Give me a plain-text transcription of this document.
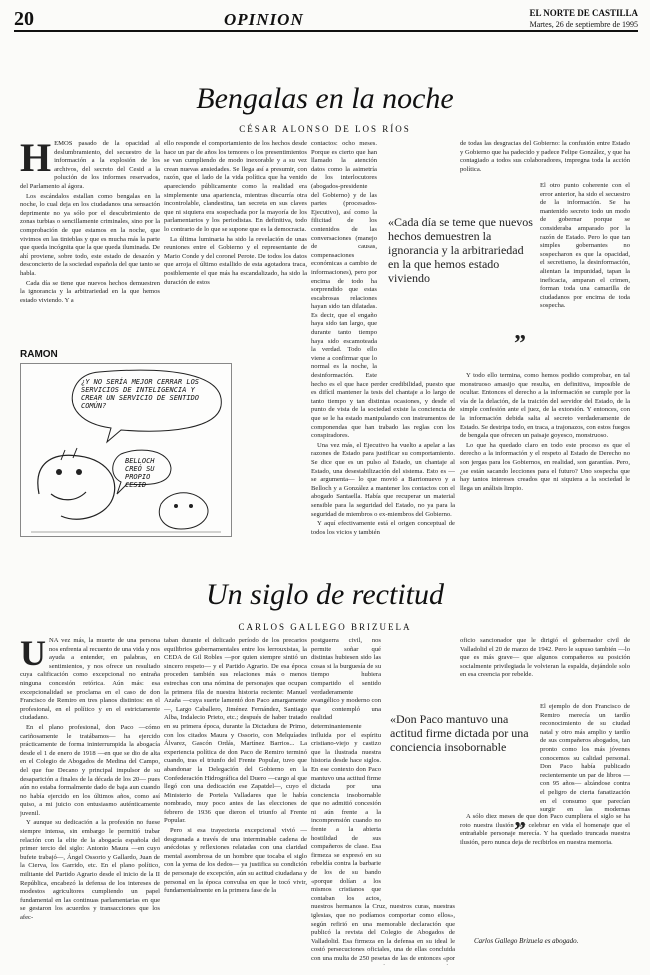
20	OPINION	EL NORTE DE CASTILLA
Martes, 26 de septiembre de 1995
Bengalas en la noche
CÉSAR ALONSO DE LOS RÍOS

HEMOS pasado de la opacidad al deslumbramiento, del secuestro de la información a la explosión de los archivos, del secreto del Cesid a la polución de los informes reservados, del Parlamento al ágora.

Los escándalos estallan como bengalas en la noche, lo cual deja en los ciudadanos una sensación deprimente no ya sólo por el descubrimiento de zonas turbias o sencillamente criminales, sino por la comprobación de que estamos en la noche, que vivimos en las tinieblas y que es mucha más la parte que queda incógnita que la que queda iluminada. De ahí proviene, sobre todo, este estado de desazón y desconcierto de la sociedad española del que tanto se habla.

Cada día se tiene que nuevos hechos demuestren la ignorancia y la arbitrariedad en la que hemos estado viviendo. Y a

ello responde el comportamiento de los hechos desde hace un par de años los temores o los presentimientos se van cumpliendo de modo inexorable y a su vez crean nuevas ansiedades. Se llega así a presumir, con razón, que el lado de la vida política que ha venido apareciendo públicamente como la realidad era simplemente una apariencia, mientras discurría otra incontrolable, clandestina, tan secreta en sus claves que ni siquiera era sospechada por la mayoría de los parlamentarios y los periodistas. En definitiva, todo lo contrario de lo que se supone que es la democracia.

La última luminaria ha sido la revelación de unas reuniones entre el Gobierno y el representante de Mario Conde y del coronel Perote. De todos los datos que arroja el último estallido de esta agotadora traca, posiblemente el que más ha escandalizado, ha sido la duración de estos

contactos: ocho meses. Porque es cierto que han llamado la atención datos como la asimetría de los interlocutores (abogados-presidente del Gobierno) y de las partes (procesados-Ejecutivo), así como la filicitad de los contenidos de las conversaciones (manejo de causas, compensaciones económicas a cambio de informaciones), pero por encima de todo ha sorprendido que estas escabrosas relaciones hayan sido tan dilatadas. Es decir, que el engaño haya sido tan largo, que durante tanto tiempo haya sido escamoteada la verdad. Todo ello viene a confirmar que lo normal es la noche, la desinformación. Este hecho es el que hace perder credibilidad, puesto que es difícil mantener la tesis del chantaje a lo largo de tanto tiempo y tan distintas ocasiones, y desde el punto de vista de la sociedad existe la conciencia de que se le ha estado manipulando con instrumentos de componendas que han trabado las reglas con los conspiradores.

Una vez más, el Ejecutivo ha vuelto a apelar a las razones de Estado para justificar su comportamiento. Se dice que es un pulso al Estado, un chantaje al Estado, una desestabilización del sistema. Esto es —se argumenta— lo que movió a Barrionuevo y a Belloch y a González a mantener los contactos con el abogado Santaella. Había que recuperar un material sensible para la seguridad del Estado, no ya para la seguridad de miembros o ex-miembros del Gobierno.

Y aquí efectivamente está el origen conceptual de todos los vicios y también

de todas las desgracias del Gobierno: la confusión entre Estado y Gobierno que ha padecido y padece Felipe González, y que ha contagiado a todos sus colaboradores, impregna toda la acción política.

El otro punto coherente con el error anterior, ha sido el secuestro de la información. Se ha mantenido secreto todo un modo de gobernar porque se consideraba amparado por la razón de Estado. Pero lo que tan simples gobernantes no sospecharon es que la opacidad, el secretismo, la desinformación, alientan la impunidad, tapan la ineficacia, amparan el crimen, forman toda una camarilla de ciudadanos por encima de toda sospecha.

Y todo ello termina, como hemos podido comprobar, en tal monstruoso amasijo que resulta, en definitiva, imposible de ocultar. Entonces el derecho a la información se cumple por la vía de la delación, de la traición del servidor del Estado, de la simple confesión ante el juez, de la extorsión. Y entonces, con la información debida salta al secreto verdaderamente de Estado. Se destripa todo, en traca, a trajonazos, con estos fuegos de bengala que ofrecen un paisaje goyesco, monstruoso.

Lo que ha quedado claro en todo este proceso es que el derecho a la información y el respeto al Estado de Derecho no son jergas para los Gobiernos, en realidad, son garantías. Pero, ¿se están sacando lecciones para el futuro? Uno sospecha que hay tantos intereses creados que ni siquiera a la sociedad le llega un análisis limpio.

«Cada día se teme que nuevos hechos demuestren la ignorancia y la arbitrariedad en la que hemos estado viviendo
”
RAMON
¿Y NO SERÍA MEJOR CERRAR LOS SERVICIOS DE INTELIGENCIA Y CREAR UN SERVICIO DE SENTIDO COMÚN?
BELLOCH CREÓ SU PROPIO CESID
Un siglo de rectitud
CARLOS GALLEGO BRIZUELA

UNA vez más, la muerte de una persona nos enfrenta al recuento de una vida y nos ayuda a entender, en palabras, en sentimientos, y nos ofrece un resultado cuya calificación como excepcional no entraña ninguna concesión retórica. Aún más: esa excepcionalidad se proclama en el caso de don Francisco de Remiro en tres planos distintos: en el profesional, en el político y en el estrictamente ciudadano.

En el plano profesional, don Paco —cómo cariñosamente le tratábamos— ha ejercido prácticamente de forma ininterrumpida la abogacía desde el 1 de enero de 1918 —en que se dio de alta en el Colegio de Abogados de Medina del Campo, del que fue Decano y principal impulsor de su desaparición a finales de la década de los 20— pues aún no estaba formalmente dado de baja aun cuando no había ejercido en los últimos años, como así quiso, a mi juicio con entusiasmo auténticamente juvenil.

Y aunque su dedicación a la profesión no fuese siempre intensa, sin embargo le permitió trabar relación con la elite de la abogacía española del primer tercio del siglo: Antonio Maura —en cuyo bufete trabajó—, Ángel Ossorio y Gallardo, Juan de la Cierva, los Garrido, etc. En el plano político, militante del Partido Agrario desde el inicio de la II República, encabezó la defensa de los intereses de modestos agricultores cumpliendo un papel fundamental en las continuas parlamentarias en que se gestaron los acuerdos y transacciones que los afec-

taban durante el delicado período de los precarios equilibrios gubernamentales entre los lerrouxistas, la CEDA de Gil Robles —por quien siempre sintió un sincero respeto— y el Partido Agrario. De esa época proceden también sus relaciones más o menos estrechas con una nómina de personajes que ocupan la primera fila de nuestra historia reciente: Manuel Azaña —cuya suerte lamentó don Paco amargamente—, Largo Caballero, Jiménez Fernández, Santiago Alba, Indalecio Prieto, etc.; después de haber tratado en su primera época, durante la Dictadura de Primo, con los citados Maura y Ossorio, con Melquíades Álvarez, Gascón Ordás, Martínez Barrios... La experiencia política de don Paco de Remiro terminó cuando, tras el triunfo del Frente Popular, tuvo que abandonar la Delegación del Gobierno en la Confederación Hidrográfica del Duero —cargo al que llegó con una dedicación ese Zapatdel—, cuyo el Ministerio de Portela Valladares que le había nombrado, muy poco antes de las elecciones de febrero de 1936 que dieron el triunfo al Frente Popular.

Pero si esa trayectoria excepcional vivió —desgranada a través de una interminable cadena de anécdotas y reflexiones relatadas con una claridad mental asombrosa de un hombre que tocaba el siglo con la yema de los dedos— ya justifica su condición de personaje de excepción, aún su actitud ciudadana y personal en la época convulsa en que le tocó vivir, fundamentalmente en la primera fase de la

postguerra civil, nos permite soñar qué distintas hubiesen sido las cosas si la burguesía de su tiempo hubiera compartido el sentido verdaderamente evangélico y moderno con que contempló una realidad determinantemente influida por el espíritu cristiano-viejo y castizo que la ilustrada nuestra historia desde hace siglos. En ese contexto don Paco mantuvo una actitud firme dictada por una conciencia insobornable que no admitió concesión ni aún frente a la incomprensión cuando no frente a la abierta hostilidad de sus compañeros de clase. Esa firmeza se expresó en su rebeldía contra la barbarie de los de su bando «porque dolían a los mismos cristianos que contaban los actos, nuestros hermanos la Cruz, nuestros curas, nuestras iglesias, que no podíamos comportar como ellos», según refirió en una memorable declaración que publicó la revista del Colegio de Abogados de Valladolid. Esa firmeza en la defensa en su ideal le costó persecuciones oficiales, una de ellas concluida con una multa de 250 pesetas de las de entonces «por

oficio sancionador que le dirigió el gobernador civil de Valladolid el 20 de marzo de 1942. Pero le supuso también —lo que es más grave— que algunos compañeros su posición socialmente privilegiada le volvieran la espalda, dejándole solo en esa creencia por rebelde.

El ejemplo de don Francisco de Remiro merecía un tardío reconocimiento de su ciudad natal y otro más amplio y tardío de sus compañeros abogados, tan pronto como los más jóvenes conocemos su calidad personal. Don Paco había publicado recientemente un par de libros —con 95 años— alzándose contra el peligro de cierta fanatización en el consumo que parecían surgir en las modernas

A sólo diez meses de que don Paco cumpliera el siglo se ha roto nuestra ilusión por celebrar en vida el homenaje que el entrañable personaje merecía. Y ha quedado truncada nuestra ilusión, pero nunca deja de recibirlos en nuestra memoria.

«Don Paco mantuvo una actitud firme dictada por una conciencia insobornable
”
Carlos Gallego Brizuela es abogado.
